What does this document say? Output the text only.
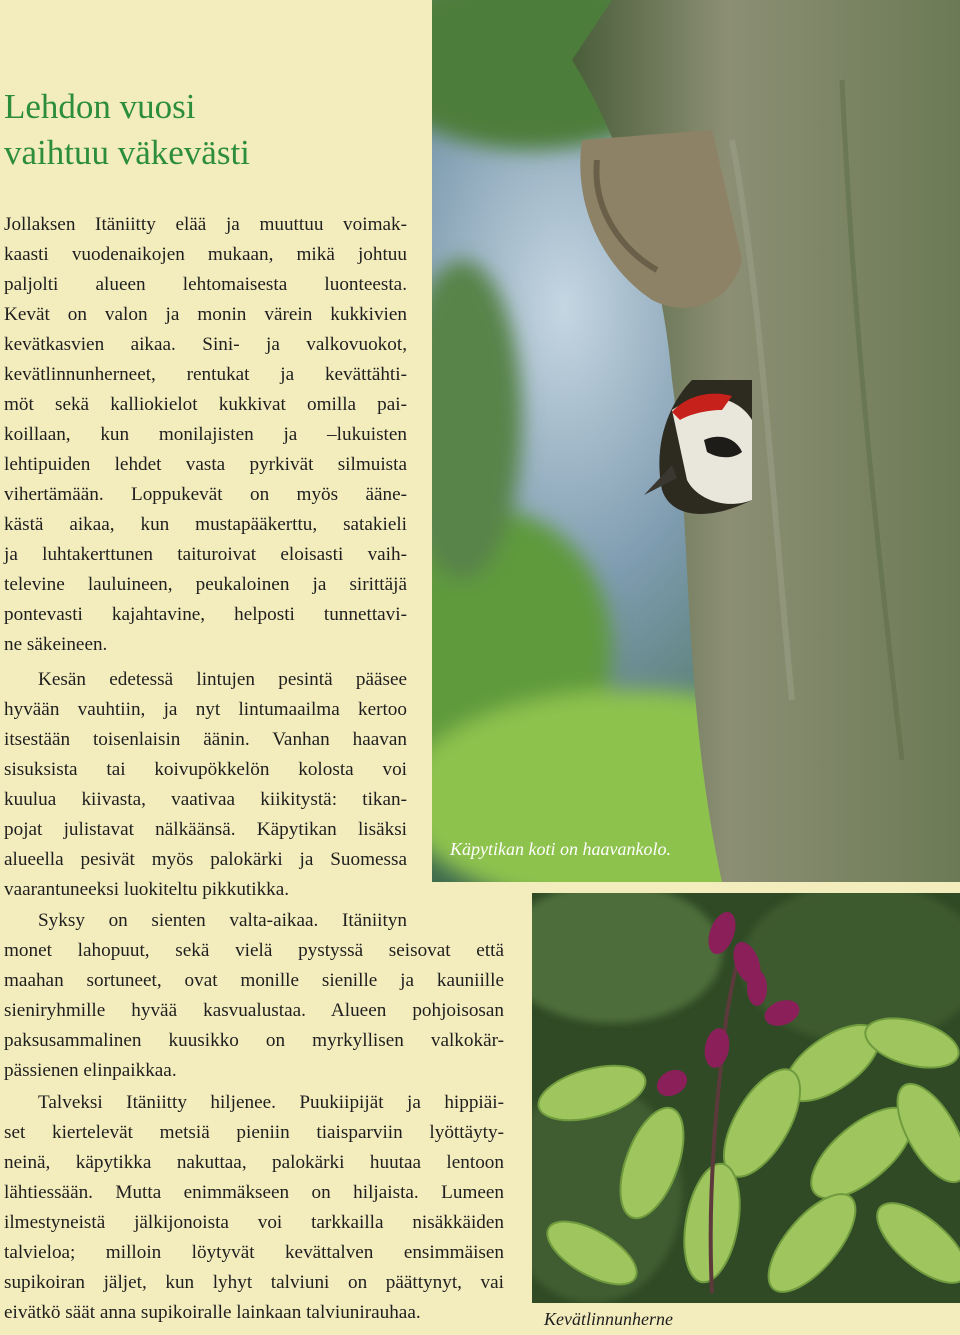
Lehdon vuosi
vaihtuu väkevästi
Jollaksen Itäniitty elää ja muuttuu voimak-
kaasti vuodenaikojen mukaan, mikä johtuu
paljolti alueen lehtomaisesta luonteesta.
Kevät on valon ja monin värein kukkivien
kevätkasvien aikaa. Sini- ja valkovuokot,
kevätlinnunherneet, rentukat ja kevättähti-
möt sekä kalliokielot kukkivat omilla pai-
koillaan, kun monilajisten ja –lukuisten
lehtipuiden lehdet vasta pyrkivät silmuista
vihertämään. Loppukevät on myös ääne-
kästä aikaa, kun mustapääkerttu, satakieli
ja luhtakerttunen taituroivat eloisasti vaih-
televine lauluineen, peukaloinen ja sirittäjä
pontevasti kajahtavine, helposti tunnettavi-
ne säkeineen.
Kesän edetessä lintujen pesintä pääsee
hyvään vauhtiin, ja nyt lintumaailma kertoo
itsestään toisenlaisin äänin. Vanhan haavan
sisuksista tai koivupökkelön kolosta voi
kuulua kiivasta, vaativaa kiikitystä: tikan-
pojat julistavat nälkäänsä. Käpytikan lisäksi
alueella pesivät myös palokärki ja Suomessa
vaarantuneeksi luokiteltu pikkutikka.
Syksy on sienten valta-aikaa. Itäniityn
monet lahopuut, sekä vielä pystyssä seisovat että
maahan sortuneet, ovat monille sienille ja kauniille
sieniryhmille hyvää kasvualustaa. Alueen pohjoisosan
paksusammalinen kuusikko on myrkyllisen valkokär-
pässienen elinpaikkaa.
Talveksi Itäniitty hiljenee. Puukiipijät ja hippiäi-
set kiertelevät metsiä pieniin tiaisparviin lyöttäyty-
neinä, käpytikka nakuttaa, palokärki huutaa lentoon
lähtiessään. Mutta enimmäkseen on hiljaista. Lumeen
ilmestyneistä jälkijonoista voi tarkkailla nisäkkäiden
talvieloa; milloin löytyvät kevättalven ensimmäisen
supikoiran jäljet, kun lyhyt talviuni on päättynyt, vai
eivätkö säät anna supikoiralle lainkaan talviunirauhaa.
Käpytikan koti on haavankolo.
Kevätlinnunherne
